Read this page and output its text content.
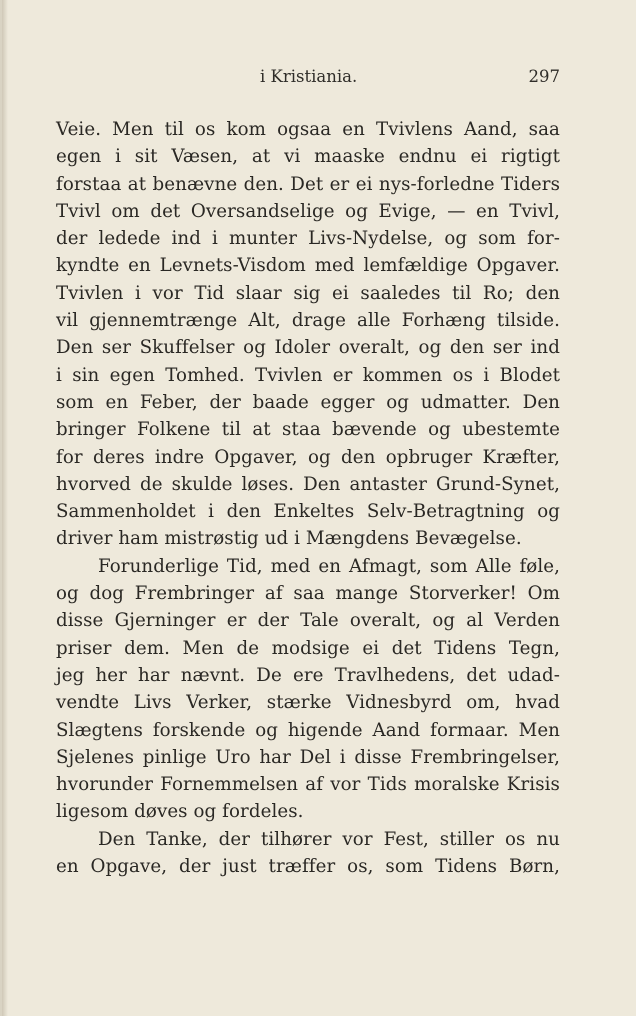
i Kristiania.	297
Veie. Men til os kom ogsaa en Tvivlens Aand, saa
egen i sit Væsen, at vi maaske endnu ei rigtigt
forstaa at benævne den. Det er ei nys-forledne Tiders
Tvivl om det Oversandselige og Evige, — en Tvivl,
der ledede ind i munter Livs-Nydelse, og som for-
kyndte en Levnets-Visdom med lemfældige Opgaver.
Tvivlen i vor Tid slaar sig ei saaledes til Ro; den
vil gjennemtrænge Alt, drage alle Forhæng tilside.
Den ser Skuffelser og Idoler overalt, og den ser ind
i sin egen Tomhed. Tvivlen er kommen os i Blodet
som en Feber, der baade egger og udmatter. Den
bringer Folkene til at staa bævende og ubestemte
for deres indre Opgaver, og den opbruger Kræfter,
hvorved de skulde løses. Den antaster Grund-Synet,
Sammenholdet i den Enkeltes Selv-Betragtning og
driver ham mistrøstig ud i Mængdens Bevægelse.
Forunderlige Tid, med en Afmagt, som Alle føle,
og dog Frembringer af saa mange Storverker! Om
disse Gjerninger er der Tale overalt, og al Verden
priser dem. Men de modsige ei det Tidens Tegn,
jeg her har nævnt. De ere Travlhedens, det udad-
vendte Livs Verker, stærke Vidnesbyrd om, hvad
Slægtens forskende og higende Aand formaar. Men
Sjelenes pinlige Uro har Del i disse Frembringelser,
hvorunder Fornemmelsen af vor Tids moralske Krisis
ligesom døves og fordeles.
Den Tanke, der tilhører vor Fest, stiller os nu
en Opgave, der just træffer os, som Tidens Børn,
